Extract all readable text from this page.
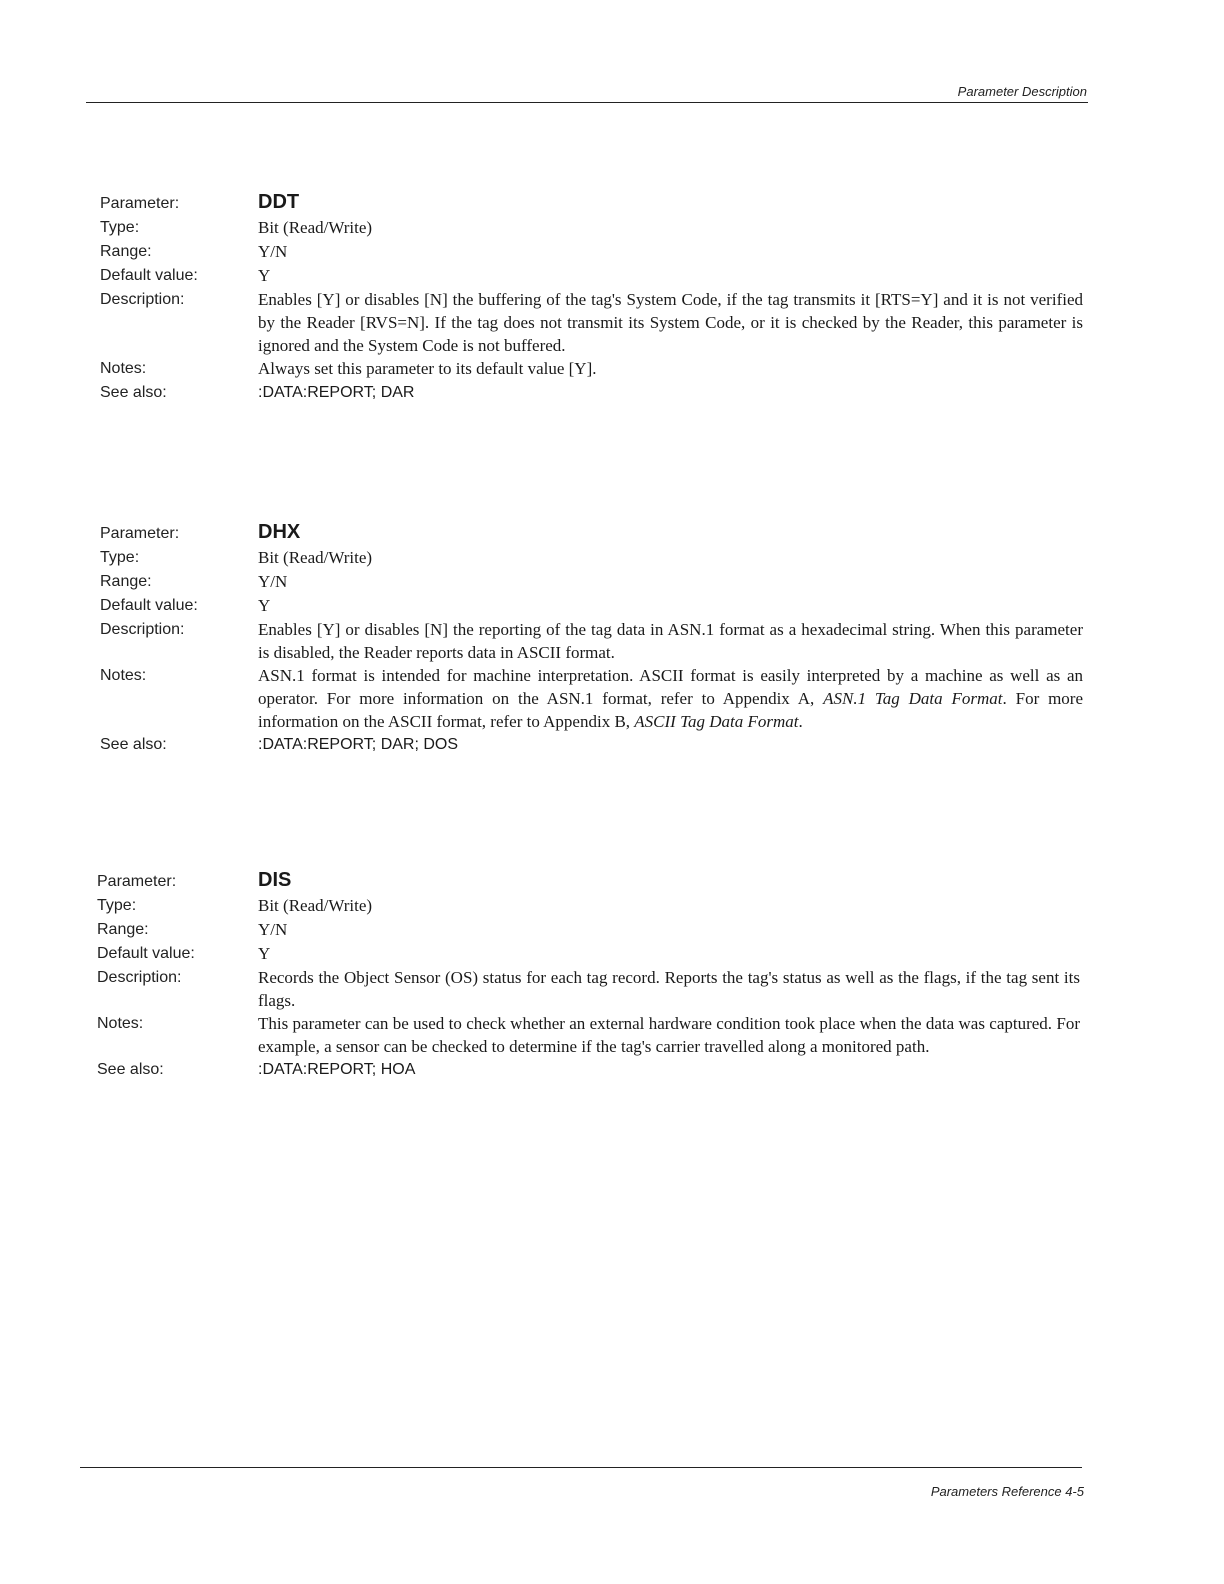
Parameter Description
Parameter:	DDT
Type:	Bit (Read/Write)
Range:	Y/N
Default value:	Y
Description:	Enables [Y] or disables [N] the buffering of the tag's System Code, if the tag transmits it [RTS=Y] and it is not verified by the Reader [RVS=N]. If the tag does not transmit its System Code, or it is checked by the Reader, this parameter is ignored and the System Code is not buffered.
Notes:	Always set this parameter to its default value [Y].
See also:	:DATA:REPORT; DAR
Parameter:	DHX
Type:	Bit (Read/Write)
Range:	Y/N
Default value:	Y
Description:	Enables [Y] or disables [N] the reporting of the tag data in ASN.1 format as a hexadecimal string. When this parameter is disabled, the Reader reports data in ASCII format.
Notes:	ASN.1 format is intended for machine interpretation. ASCII format is easily interpreted by a machine as well as an operator. For more information on the ASN.1 format, refer to Appendix A, ASN.1 Tag Data Format. For more information on the ASCII format, refer to Appendix B, ASCII Tag Data Format.
See also:	:DATA:REPORT; DAR; DOS
Parameter:	DIS
Type:	Bit (Read/Write)
Range:	Y/N
Default value:	Y
Description:	Records the Object Sensor (OS) status for each tag record. Reports the tag's status as well as the flags, if the tag sent its flags.
Notes:	This parameter can be used to check whether an external hardware condition took place when the data was captured. For example, a sensor can be checked to determine if the tag's carrier travelled along a monitored path.
See also:	:DATA:REPORT; HOA
Parameters Reference 4-5
